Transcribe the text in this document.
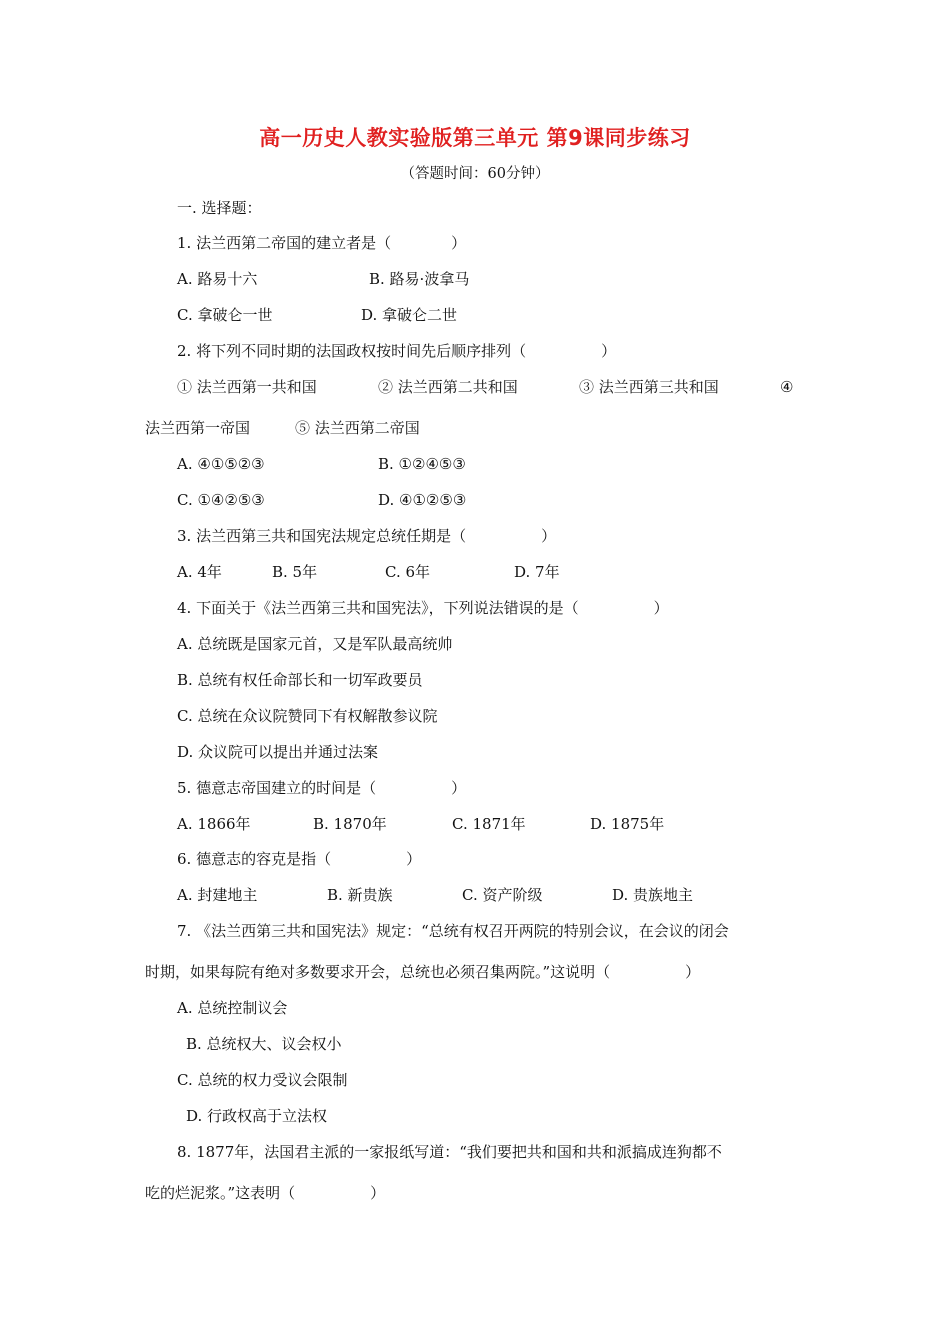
高一历史人教实验版第三单元 第9课同步练习
（答题时间：60分钟）
一. 选择题：
1. 法兰西第二帝国的建立者是（　　　　）
A. 路易十六	B. 路易·波拿马
C. 拿破仑一世	D. 拿破仑二世
2. 将下列不同时期的法国政权按时间先后顺序排列（　　　　　）
① 法兰西第一共和国	② 法兰西第二共和国	③ 法兰西第三共和国	④
法兰西第一帝国　　　⑤ 法兰西第二帝国
A. ④①⑤②③	B. ①②④⑤③
C. ①④②⑤③	D. ④①②⑤③
3. 法兰西第三共和国宪法规定总统任期是（　　　　　）
A. 4年	B. 5年	C. 6年	D. 7年
4. 下面关于《法兰西第三共和国宪法》，下列说法错误的是（　　　　　）
A. 总统既是国家元首，又是军队最高统帅
B. 总统有权任命部长和一切军政要员
C. 总统在众议院赞同下有权解散参议院
D. 众议院可以提出并通过法案
5. 德意志帝国建立的时间是（　　　　　）
A. 1866年	B. 1870年	C. 1871年	D. 1875年
6. 德意志的容克是指（　　　　　）
A. 封建地主	B. 新贵族	C. 资产阶级	D. 贵族地主
7. 《法兰西第三共和国宪法》规定：“总统有权召开两院的特别会议，在会议的闭会
时期，如果每院有绝对多数要求开会，总统也必须召集两院。”这说明（　　　　　）
A. 总统控制议会
B. 总统权大、议会权小
C. 总统的权力受议会限制
D. 行政权高于立法权
8. 1877年，法国君主派的一家报纸写道：“我们要把共和国和共和派搞成连狗都不
吃的烂泥浆。”这表明（　　　　　）
